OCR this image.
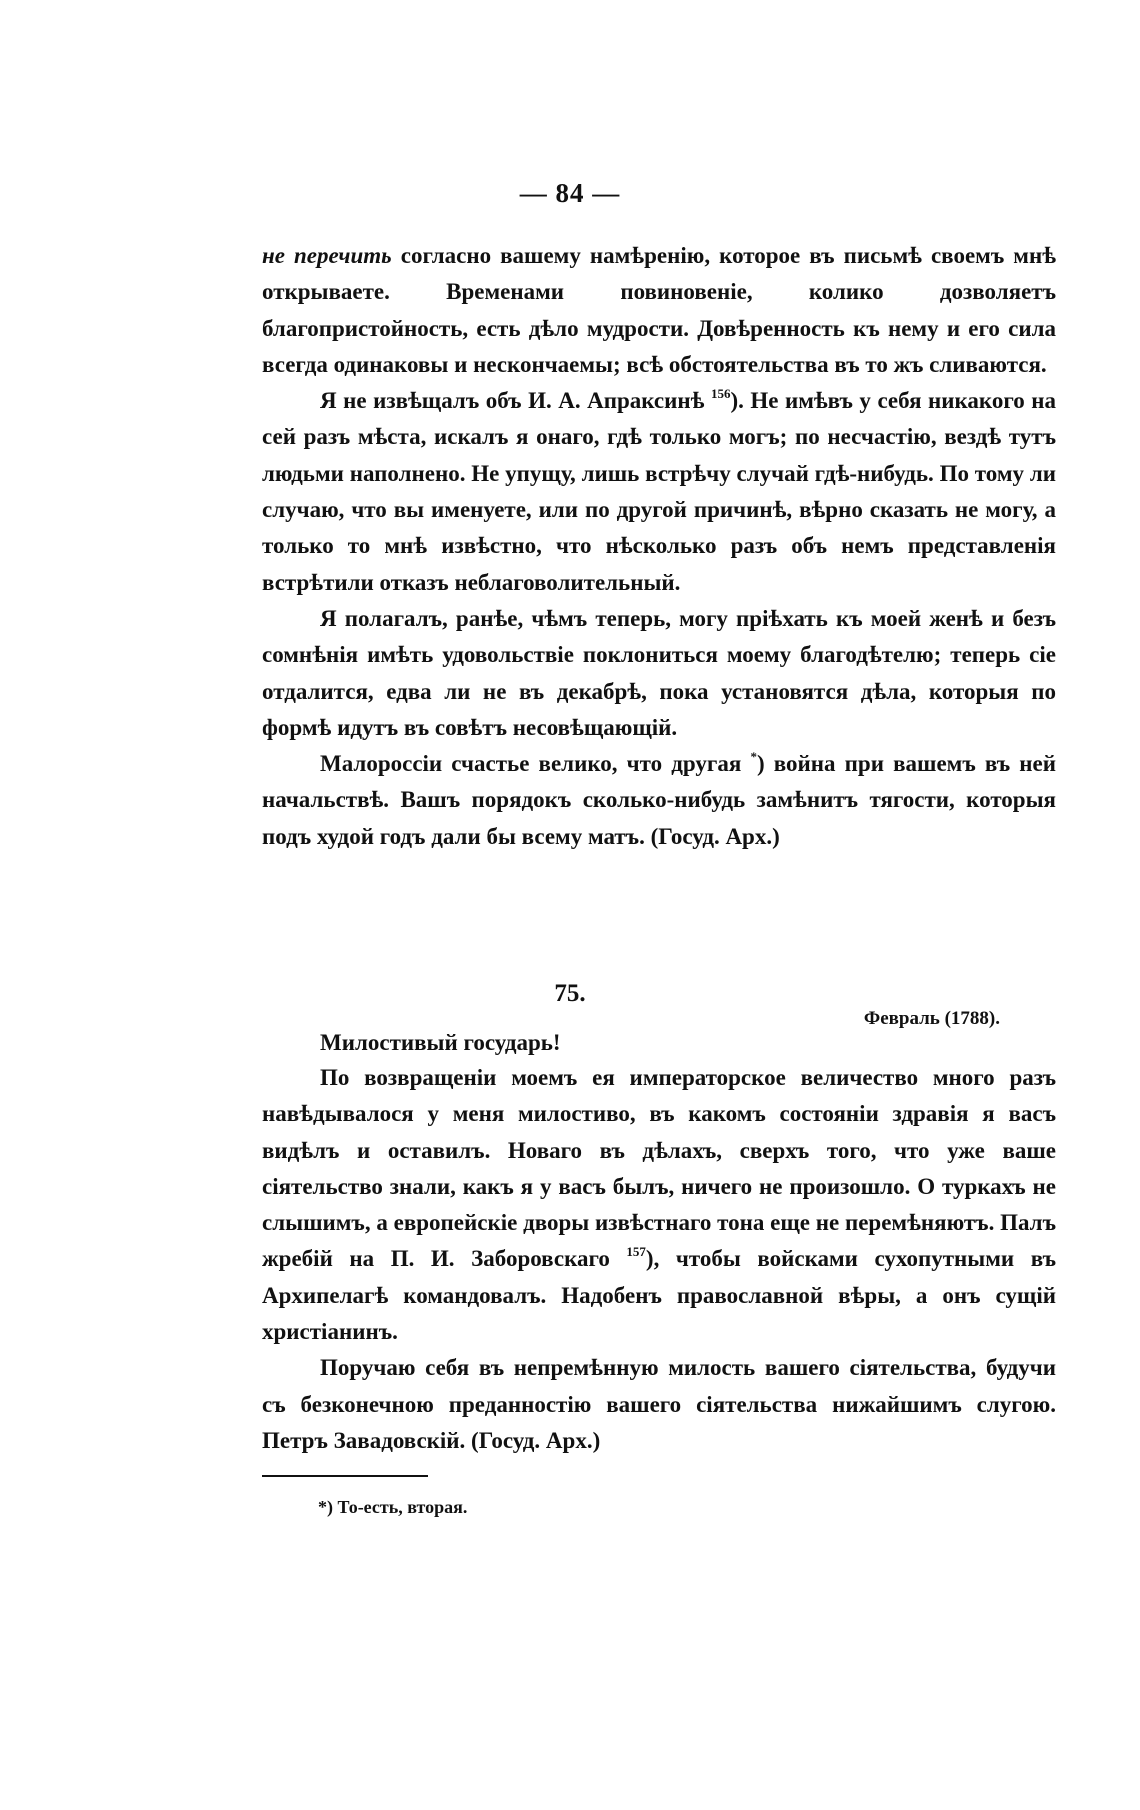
— 84 —

не перечить согласно вашему намѣренію, которое въ письмѣ своемъ мнѣ открываете. Временами повиновеніе, колико дозволяетъ благопристойность, есть дѣло мудрости. Довѣренность къ нему и его сила всегда одинаковы и нескончаемы; всѣ обстоятельства въ то жъ сливаются.

Я не извѣщалъ объ И. А. Апраксинѣ $^{156}$). Не имѣвъ у себя никакого на сей разъ мѣста, искалъ я онаго, гдѣ только могъ; по несчастію, вездѣ тутъ людьми наполнено. Не упущу, лишь встрѣчу случай гдѣ-нибудь. По тому ли случаю, что вы именуете, или по другой причинѣ, вѣрно сказать не могу, а только то мнѣ извѣстно, что нѣсколько разъ объ немъ представленія встрѣтили отказъ неблаговолительный.

Я полагалъ, ранѣе, чѣмъ теперь, могу пріѣхать къ моей женѣ и безъ сомнѣнія имѣть удовольствіе поклониться моему благодѣтелю; теперь сіе отдалится, едва ли не въ декабрѣ, пока установятся дѣла, которыя по формѣ идутъ въ совѣтъ несовѣщающій.

Малороссіи счастье велико, что другая *) война при вашемъ въ ней начальствѣ. Вашъ порядокъ сколько-нибудь замѣнитъ тягости, которыя подъ худой годъ дали бы всему матъ. (Госуд. Арх.)

75.
Февраль (1788).
Милостивый государь!

По возвращеніи моемъ ея императорское величество много разъ навѣдывалося у меня милостиво, въ какомъ состояніи здравія я васъ видѣлъ и оставилъ. Новаго въ дѣлахъ, сверхъ того, что уже ваше сіятельство знали, какъ я у васъ былъ, ничего не произошло. О туркахъ не слышимъ, а европейскіе дворы извѣстнаго тона еще не перемѣняютъ. Палъ жребій на П. И. Заборовскаго $^{157}$), чтобы войсками сухопутными въ Архипелагѣ командовалъ. Надобенъ православной вѣры, а онъ сущій христіанинъ.

Поручаю себя въ непремѣнную милость вашего сіятельства, будучи съ безконечною преданностію вашего сіятельства нижайшимъ слугою. Петръ Завадовскій. (Госуд. Арх.)

*) То-есть, вторая.
